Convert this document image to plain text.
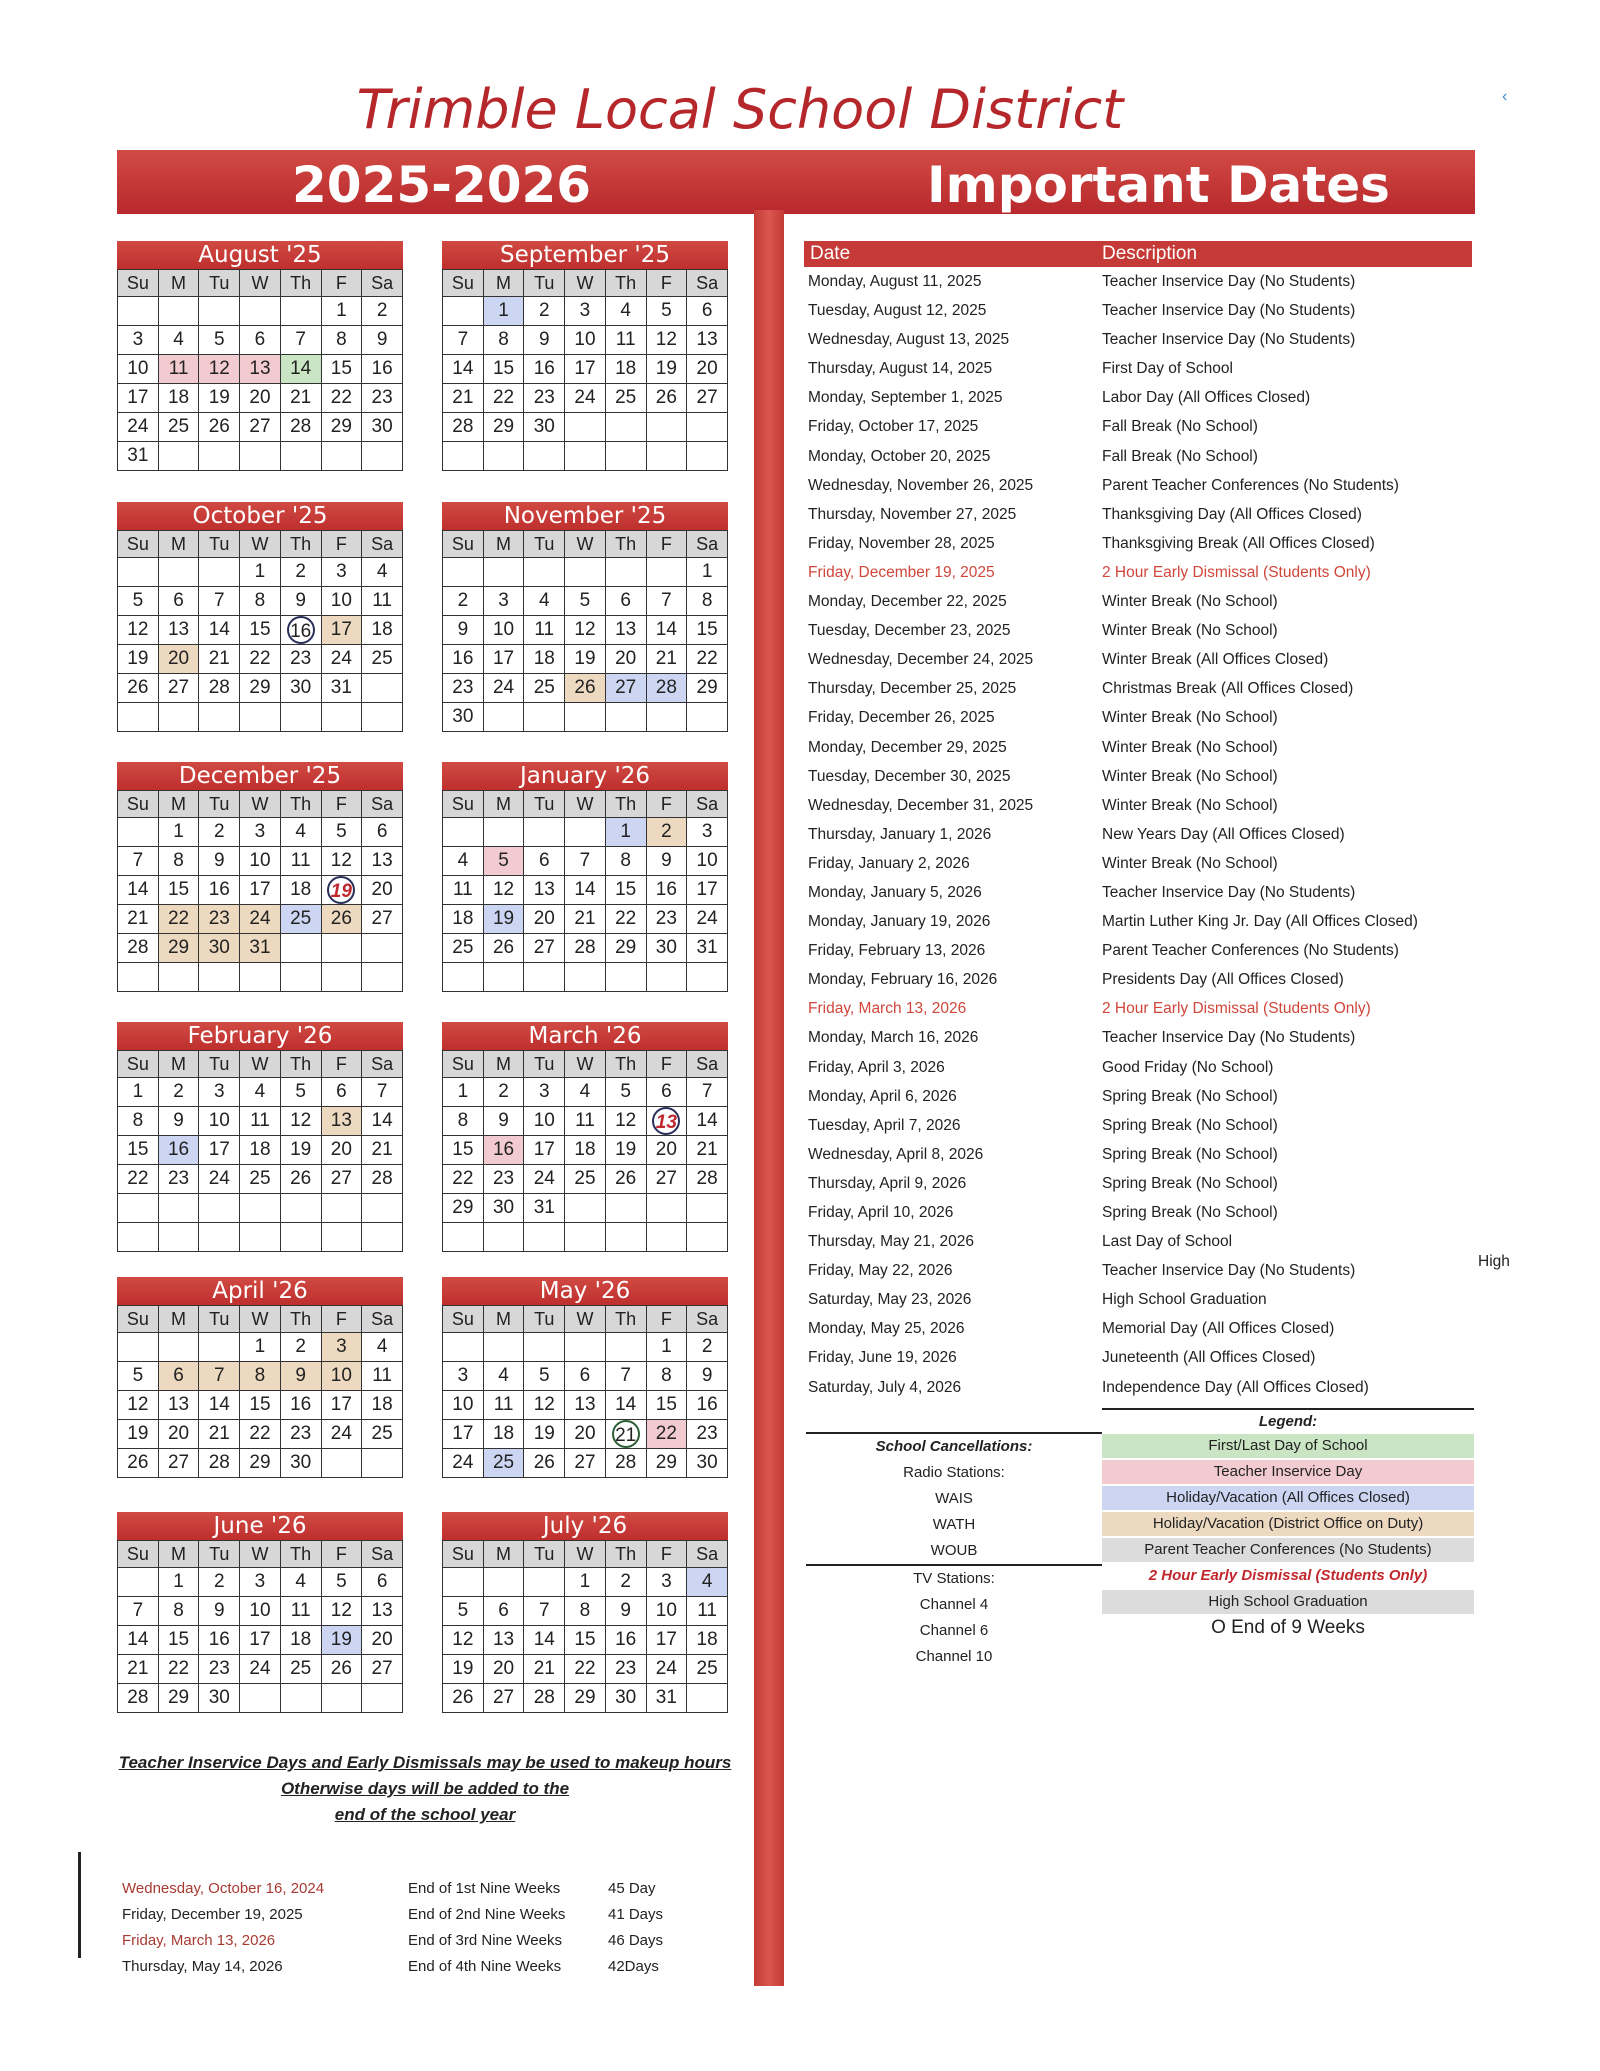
‹
Trimble Local School District
2025-2026	Important Dates
August '25
Su	M	Tu	W	Th	F	Sa
					1	2
3	4	5	6	7	8	9
10	11	12	13	14	15	16
17	18	19	20	21	22	23
24	25	26	27	28	29	30
31						
September '25
Su	M	Tu	W	Th	F	Sa
	1	2	3	4	5	6
7	8	9	10	11	12	13
14	15	16	17	18	19	20
21	22	23	24	25	26	27
28	29	30				

October '25
Su	M	Tu	W	Th	F	Sa
			1	2	3	4
5	6	7	8	9	10	11
12	13	14	15	16	17	18
19	20	21	22	23	24	25
26	27	28	29	30	31	

November '25
Su	M	Tu	W	Th	F	Sa
						1
2	3	4	5	6	7	8
9	10	11	12	13	14	15
16	17	18	19	20	21	22
23	24	25	26	27	28	29
30						
December '25
Su	M	Tu	W	Th	F	Sa
	1	2	3	4	5	6
7	8	9	10	11	12	13
14	15	16	17	18	19	20
21	22	23	24	25	26	27
28	29	30	31			

January '26
Su	M	Tu	W	Th	F	Sa
				1	2	3
4	5	6	7	8	9	10
11	12	13	14	15	16	17
18	19	20	21	22	23	24
25	26	27	28	29	30	31

February '26
Su	M	Tu	W	Th	F	Sa
1	2	3	4	5	6	7
8	9	10	11	12	13	14
15	16	17	18	19	20	21
22	23	24	25	26	27	28

March '26
Su	M	Tu	W	Th	F	Sa
1	2	3	4	5	6	7
8	9	10	11	12	13	14
15	16	17	18	19	20	21
22	23	24	25	26	27	28
29	30	31				

April '26
Su	M	Tu	W	Th	F	Sa
			1	2	3	4
5	6	7	8	9	10	11
12	13	14	15	16	17	18
19	20	21	22	23	24	25
26	27	28	29	30		
May '26
Su	M	Tu	W	Th	F	Sa
					1	2
3	4	5	6	7	8	9
10	11	12	13	14	15	16
17	18	19	20	21	22	23
24	25	26	27	28	29	30
June '26
Su	M	Tu	W	Th	F	Sa
	1	2	3	4	5	6
7	8	9	10	11	12	13
14	15	16	17	18	19	20
21	22	23	24	25	26	27
28	29	30				
July '26
Su	M	Tu	W	Th	F	Sa
			1	2	3	4
5	6	7	8	9	10	11
12	13	14	15	16	17	18
19	20	21	22	23	24	25
26	27	28	29	30	31	
Date	Description
Monday, August 11, 2025	Teacher Inservice Day (No Students)
Tuesday, August 12, 2025	Teacher Inservice Day (No Students)
Wednesday, August 13, 2025	Teacher Inservice Day (No Students)
Thursday, August 14, 2025	First Day of School
Monday, September 1, 2025	Labor Day (All Offices Closed)
Friday, October 17, 2025	Fall Break (No School)
Monday, October 20, 2025	Fall Break (No School)
Wednesday, November 26, 2025	Parent Teacher Conferences (No Students)
Thursday, November 27, 2025	Thanksgiving Day (All Offices Closed)
Friday, November 28, 2025	Thanksgiving Break (All Offices Closed)
Friday, December 19, 2025	2 Hour Early Dismissal (Students Only)
Monday, December 22, 2025	Winter Break (No School)
Tuesday, December 23, 2025	Winter Break (No School)
Wednesday, December 24, 2025	Winter Break (All Offices Closed)
Thursday, December 25, 2025	Christmas Break (All Offices Closed)
Friday, December 26, 2025	Winter Break (No School)
Monday, December 29, 2025	Winter Break (No School)
Tuesday, December 30, 2025	Winter Break (No School)
Wednesday, December 31, 2025	Winter Break (No School)
Thursday, January 1, 2026	New Years Day (All Offices Closed)
Friday, January 2, 2026	Winter Break (No School)
Monday, January 5, 2026	Teacher Inservice Day (No Students)
Monday, January 19, 2026	Martin Luther King Jr. Day (All Offices Closed)
Friday, February 13, 2026	Parent Teacher Conferences (No Students)
Monday, February 16, 2026	Presidents Day (All Offices Closed)
Friday, March 13, 2026	2 Hour Early Dismissal (Students Only)
Monday, March 16, 2026	Teacher Inservice Day (No Students)
Friday, April 3, 2026	Good Friday (No School)
Monday, April 6, 2026	Spring Break (No School)
Tuesday, April 7, 2026	Spring Break (No School)
Wednesday, April 8, 2026	Spring Break (No School)
Thursday, April 9, 2026	Spring Break (No School)
Friday, April 10, 2026	Spring Break (No School)
Thursday, May 21, 2026	Last Day of School
Friday, May 22, 2026	Teacher Inservice Day (No Students)
Saturday, May 23, 2026	High School Graduation
Monday, May 25, 2026	Memorial Day (All Offices Closed)
Friday, June 19, 2026	Juneteenth (All Offices Closed)
Saturday, July 4, 2026	Independence Day (All Offices Closed)
High
School Cancellations:
Radio Stations:
WAIS
WATH
WOUB
TV Stations:
Channel 4
Channel 6
Channel 10
Legend:
First/Last Day of School
Teacher Inservice Day
Holiday/Vacation (All Offices Closed)
Holiday/Vacation (District Office on Duty)
Parent Teacher Conferences (No Students)
2 Hour Early Dismissal (Students Only)
High School Graduation
O End of 9 Weeks
Teacher Inservice Days and Early Dismissals may be used to makeup hours
Otherwise days will be added to the
end of the school year
Wednesday, October 16, 2024	End of 1st Nine Weeks	45 Day
Friday, December 19, 2025	End of 2nd Nine Weeks	41 Days
Friday, March 13, 2026	End of 3rd Nine Weeks	46 Days
Thursday, May 14, 2026	End of 4th Nine Weeks	42Days
